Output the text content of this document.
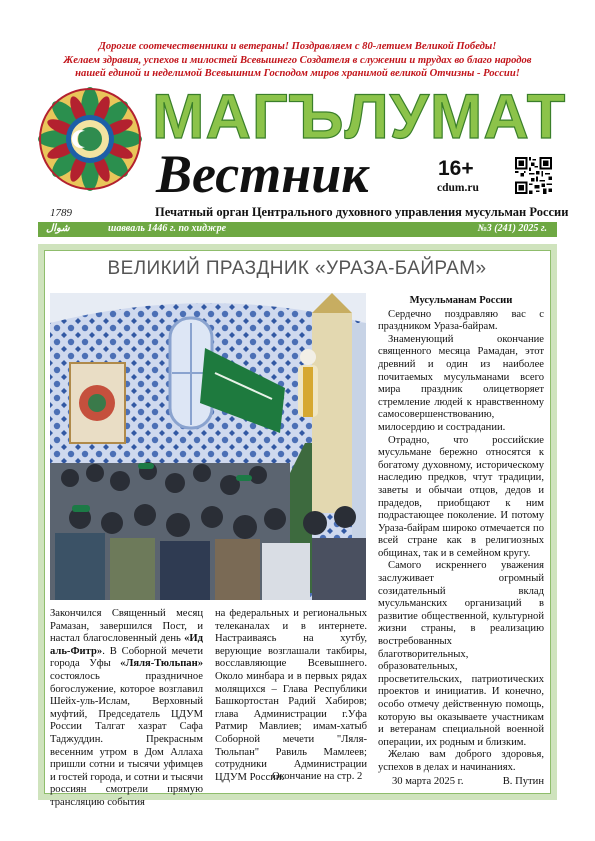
Дорогие соотечественники и ветераны! Поздравляем с 80-летием Великой Победы!
Желаем здравия, успехов и милостей Всевышнего Создателя в служении и трудах во благо народов
нашей единой и неделимой Всевышним Господом миров хранимой великой Отчизны - России!
1789
МАГЪЛУМАТ
Вестник	16+
cdum.ru
Печатный орган Центрального духовного управления мусульман России
شوال	шавваль 1446 г. по хиджре	№3 (241) 2025 г.
ВЕЛИКИЙ ПРАЗДНИК «УРАЗА-БАЙРАМ»
Закончился Священный месяц Рамазан, завершился Пост, и настал благословенный день «Ид аль-Фитр». В Соборной мечети города Уфы «Ляля-Тюльпан» состоялось праздничное богослужение, которое возглавил Шейх-уль-Ислам, Верховный муфтий, Председатель ЦДУМ России Талгат хазрат Сафа Таджуддин. Прекрасным весенним утром в Дом Аллаха пришли сотни и тысячи уфимцев и гостей города, и сотни и тысячи россиян смотрели прямую трансляцию события
на федеральных и региональных телеканалах и в интернете. Настраиваясь на хутбу, верующие возглашали такбиры, восславляющие Всевышнего. Около минбара и в первых рядах молящихся – Глава Республики Башкортостан Радий Хабиров; глава Администрации г.Уфа Ратмир Мавлиев; имам-хатыб Соборной мечети "Ляля-Тюльпан" Равиль Мамлеев; сотрудники Администрации ЦДУМ России.
Окончание на стр. 2
Мусульманам России

Сердечно поздравляю вас с праздником Ураза-байрам.

Знаменующий окончание священного месяца Рамадан, этот древний и один из наиболее почитаемых мусульманами всего мира праздник олицетворяет стремление людей к нравственному самосовершенствованию, милосердию и сострадании.

Отрадно, что российские мусульмане бережно относятся к богатому духовному, историческому наследию предков, чтут традиции, заветы и обычаи отцов, дедов и прадедов, приобщают к ним подрастающее поколение. И потому Ураза-байрам широко отмечается по всей стране как в религиозных общинах, так и в семейном кругу.

Самого искреннего уважения заслуживает огромный созидательный вклад мусульманских организаций в развитие общественной, культурной жизни страны, в реализацию востребованных благотворительных, образовательных, просветительских, патриотических проектов и инициатив. И конечно, особо отмечу действенную помощь, которую вы оказываете участникам и ветеранам специальной военной операции, их родным и близким.

Желаю вам доброго здоровья, успехов в делах и начинаниях.

30 марта 2025 г.	В. Путин
